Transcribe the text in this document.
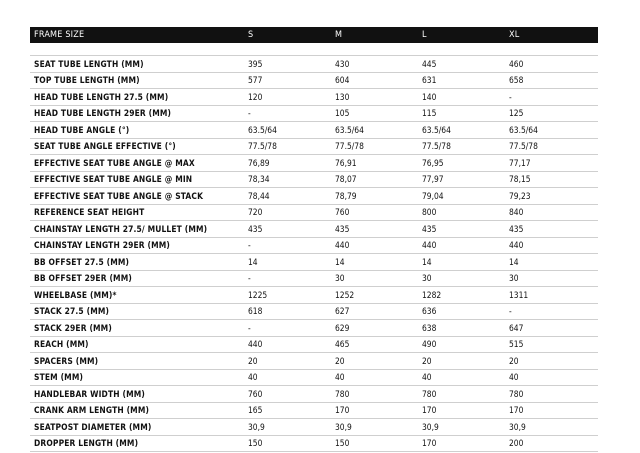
FRAME SIZE	S	M	L	XL
SEAT TUBE LENGTH (MM)	395	430	445	460
TOP TUBE LENGTH (MM)	577	604	631	658
HEAD TUBE LENGTH 27.5 (MM)	120	130	140	-
HEAD TUBE LENGTH 29ER (MM)	-	105	115	125
HEAD TUBE ANGLE (°)	63.5/64	63.5/64	63.5/64	63.5/64
SEAT TUBE ANGLE EFFECTIVE (°)	77.5/78	77.5/78	77.5/78	77.5/78
EFFECTIVE SEAT TUBE ANGLE @ MAX	76,89	76,91	76,95	77,17
EFFECTIVE SEAT TUBE ANGLE @ MIN	78,34	78,07	77,97	78,15
EFFECTIVE SEAT TUBE ANGLE @ STACK	78,44	78,79	79,04	79,23
REFERENCE SEAT HEIGHT	720	760	800	840
CHAINSTAY LENGTH 27.5/ MULLET (MM)	435	435	435	435
CHAINSTAY LENGTH 29ER (MM)	-	440	440	440
BB OFFSET 27.5 (MM)	14	14	14	14
BB OFFSET 29ER (MM)	-	30	30	30
WHEELBASE (MM)*	1225	1252	1282	1311
STACK 27.5 (MM)	618	627	636	-
STACK 29ER (MM)	-	629	638	647
REACH (MM)	440	465	490	515
SPACERS (MM)	20	20	20	20
STEM (MM)	40	40	40	40
HANDLEBAR WIDTH (MM)	760	780	780	780
CRANK ARM LENGTH (MM)	165	170	170	170
SEATPOST DIAMETER (MM)	30,9	30,9	30,9	30,9
DROPPER LENGTH (MM)	150	150	170	200
